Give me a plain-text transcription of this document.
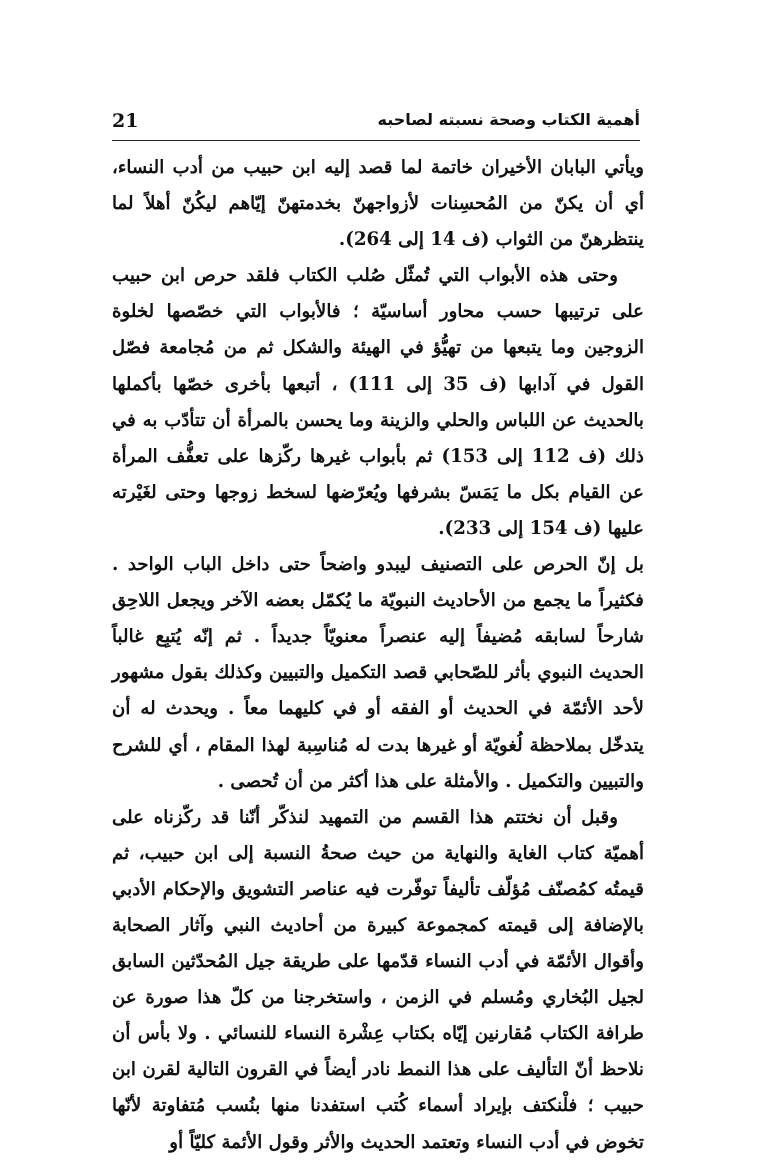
21	أهمية الكتاب وصحة نسبته لصاحبه

ويأتي البابان الأخيران خاتمة لما قصد إليه ابن حبيب من أدب النساء، أي أن يكنّ من المُحسِنات لأزواجهنّ بخدمتهنّ إيّاهم ليكُنّ أهلاً لما ينتظرهنّ من الثواب (ف 14 إلى 264).

وحتى هذه الأبواب التي تُمثّل صُلب الكتاب فلقد حرص ابن حبيب على ترتيبها حسب محاور أساسيّة ؛ فالأبواب التي خصّصها لخلوة الزوجين وما يتبعها من تهيُّؤ في الهيئة والشكل ثم من مُجامعة فصّل القول في آدابها (ف 35 إلى 111) ، أتبعها بأخرى خصّها بأكملها بالحديث عن اللباس والحلي والزينة وما يحسن بالمرأة أن تتأدّب به في ذلك (ف 112 إلى 153) ثم بأبواب غيرها ركّزها على تعفُّف المرأة عن القيام بكل ما يَمَسّ بشرفها ويُعرّضها لسخط زوجها وحتى لغَيْرته عليها (ف 154 إلى 233).

بل إنّ الحرص على التصنيف ليبدو واضحاً حتى داخل الباب الواحد . فكثيراً ما يجمع من الأحاديث النبويّة ما يُكمّل بعضه الآخر ويجعل اللاحِق شارحاً لسابقه مُضيفاً إليه عنصراً معنويّاً جديداً . ثم إنّه يُتبِع غالباً الحديث النبوي بأثر للصّحابي قصد التكميل والتبيين وكذلك بقول مشهور لأحد الأئمّة في الحديث أو الفقه أو في كليهما معاً . ويحدث له أن يتدخّل بملاحظة لُغويّة أو غيرها بدت له مُناسِبة لهذا المقام ، أي للشرح والتبيين والتكميل . والأمثلة على هذا أكثر من أن تُحصى .

وقبل أن نختتم هذا القسم من التمهيد لنذكّر أنّنا قد ركّزناه على أهميّة كتاب الغاية والنهاية من حيث صحةُ النسبة إلى ابن حبيب، ثم قيمتُه كمُصنّف مُؤلّف تأليفاً توفّرت فيه عناصر التشويق والإحكام الأدبي بالإضافة إلى قيمته كمجموعة كبيرة من أحاديث النبي وآثار الصحابة وأقوال الأئمّة في أدب النساء قدّمها على طريقة جيل المُحدّثين السابق لجيل البُخاري ومُسلم في الزمن ، واستخرجنا من كلّ هذا صورة عن طرافة الكتاب مُقارنين إيّاه بكتاب عِشْرة النساء للنسائي . ولا بأس أن نلاحظ أنّ التأليف على هذا النمط نادر أيضاً في القرون التالية لقرن ابن حبيب ؛ فلْنكتف بإيراد أسماء كُتب استفدنا منها بنُسب مُتفاوتة لأنّها تخوض في أدب النساء وتعتمد الحديث والأثر وقول الأئمة كليّاً أو
